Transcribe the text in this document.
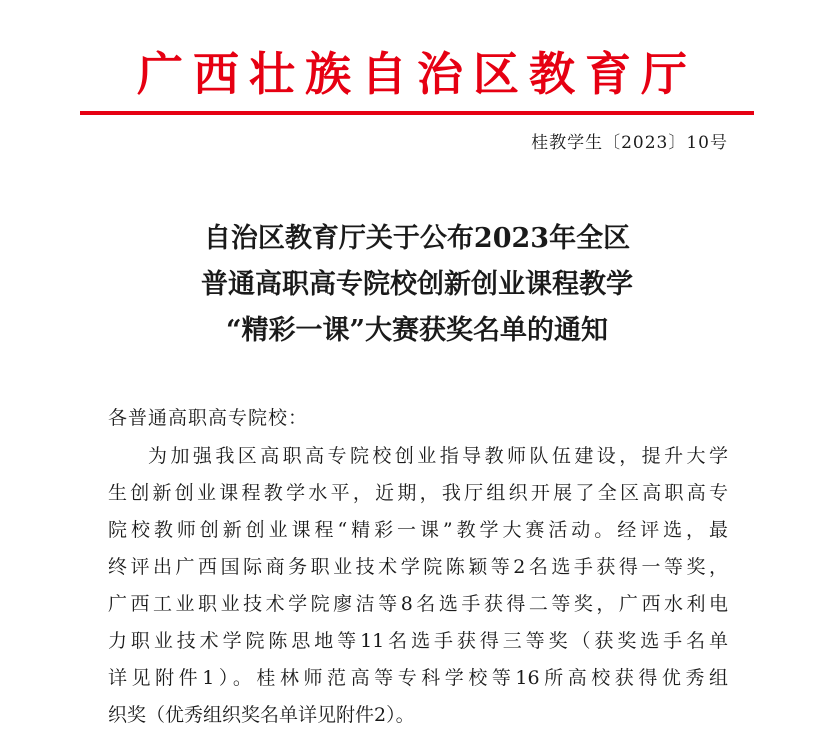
广西壮族自治区教育厅
桂教学生〔2023〕10号
自治区教育厅关于公布2023年全区
普通高职高专院校创新创业课程教学
“精彩一课”大赛获奖名单的通知
各普通高职高专院校：
为加强我区高职高专院校创业指导教师队伍建设，提升大学
生创新创业课程教学水平，近期，我厅组织开展了全区高职高专
院校教师创新创业课程“精彩一课”教学大赛活动。经评选，最
终评出广西国际商务职业技术学院陈颖等2名选手获得一等奖，
广西工业职业技术学院廖洁等8名选手获得二等奖，广西水利电
力职业技术学院陈思地等11名选手获得三等奖（获奖选手名单
详见附件1）。桂林师范高等专科学校等16所高校获得优秀组
织奖（优秀组织奖名单详见附件2）。
